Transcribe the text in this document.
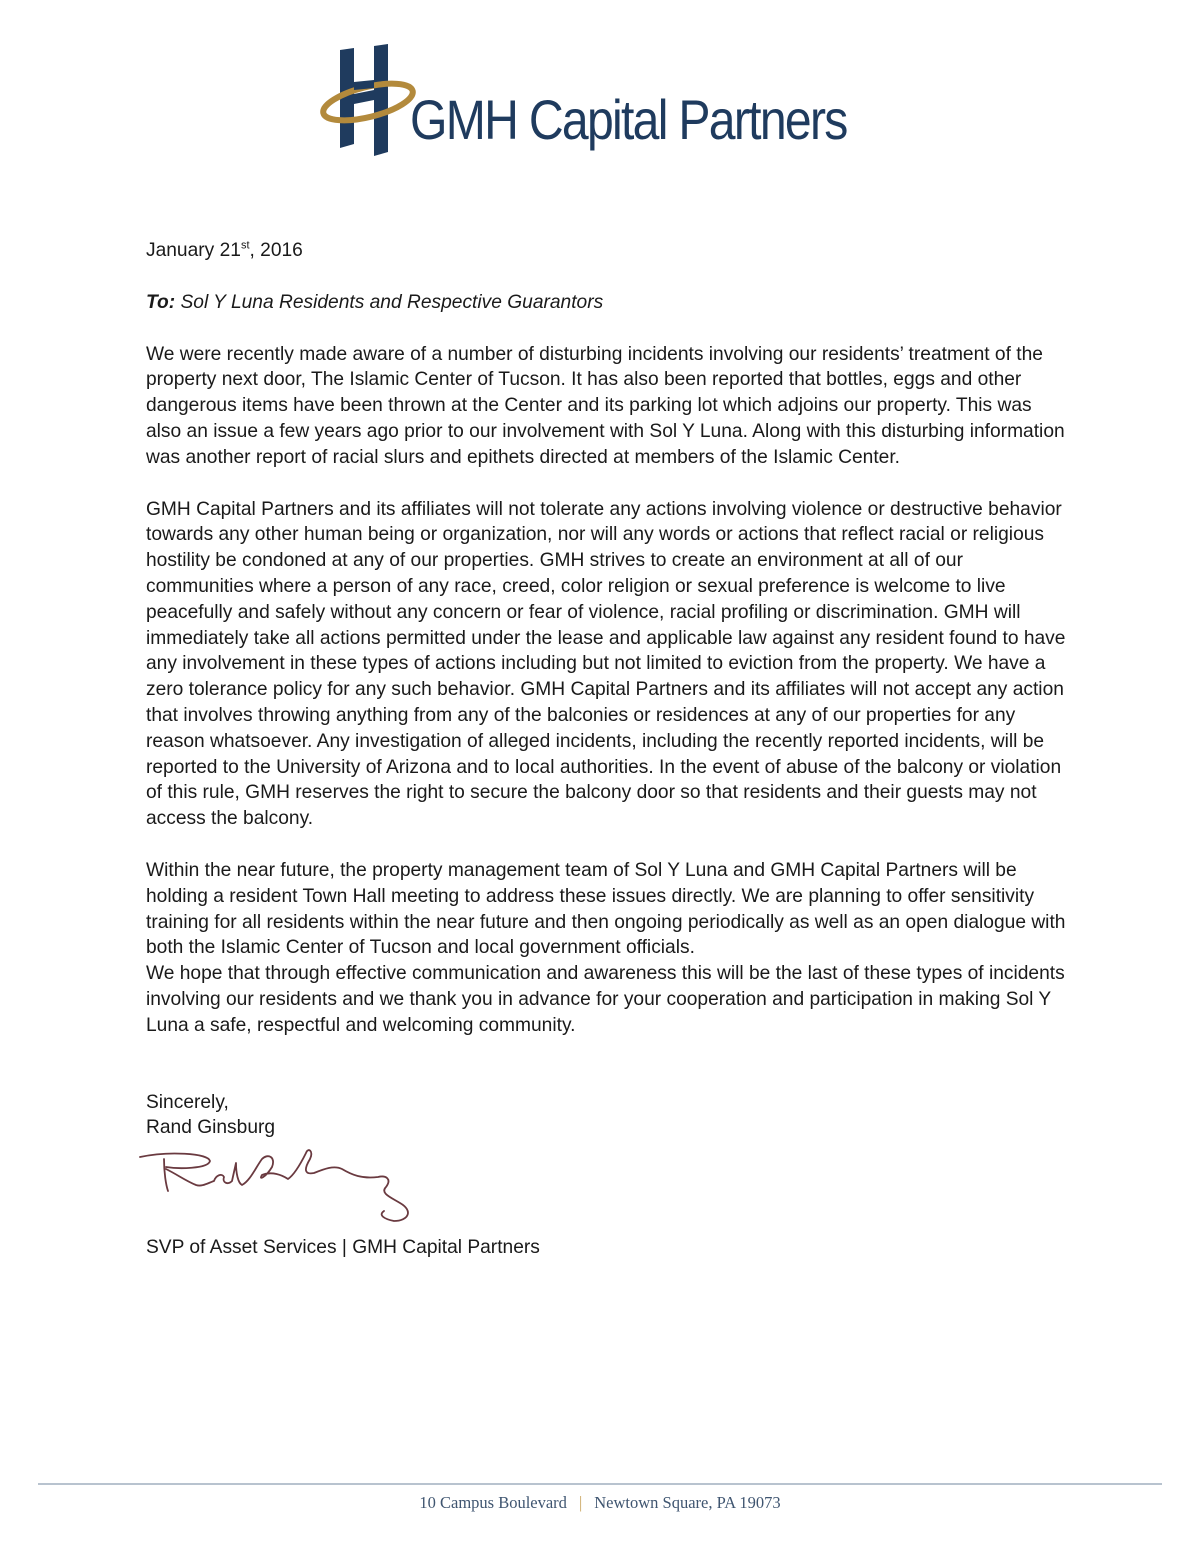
GMH Capital Partners

January 21st, 2016

To: Sol Y Luna Residents and Respective Guarantors

We were recently made aware of a number of disturbing incidents involving our residents’ treatment of the property next door, The Islamic Center of Tucson. It has also been reported that bottles, eggs and other dangerous items have been thrown at the Center and its parking lot which adjoins our property. This was also an issue a few years ago prior to our involvement with Sol Y Luna. Along with this disturbing information was another report of racial slurs and epithets directed at members of the Islamic Center.

GMH Capital Partners and its affiliates will not tolerate any actions involving violence or destructive behavior towards any other human being or organization, nor will any words or actions that reflect racial or religious hostility be condoned at any of our properties. GMH strives to create an environment at all of our communities where a person of any race, creed, color religion or sexual preference is welcome to live peacefully and safely without any concern or fear of violence, racial profiling or discrimination. GMH will immediately take all actions permitted under the lease and applicable law against any resident found to have any involvement in these types of actions including but not limited to eviction from the property. We have a zero tolerance policy for any such behavior. GMH Capital Partners and its affiliates will not accept any action that involves throwing anything from any of the balconies or residences at any of our properties for any reason whatsoever. Any investigation of alleged incidents, including the recently reported incidents, will be reported to the University of Arizona and to local authorities. In the event of abuse of the balcony or violation of this rule, GMH reserves the right to secure the balcony door so that residents and their guests may not access the balcony.

Within the near future, the property management team of Sol Y Luna and GMH Capital Partners will be holding a resident Town Hall meeting to address these issues directly. We are planning to offer sensitivity training for all residents within the near future and then ongoing periodically as well as an open dialogue with both the Islamic Center of Tucson and local government officials.

We hope that through effective communication and awareness this will be the last of these types of incidents involving our residents and we thank you in advance for your cooperation and participation in making Sol Y Luna a safe, respectful and welcoming community.

Sincerely,
Rand Ginsburg

SVP of Asset Services | GMH Capital Partners

10 Campus Boulevard | Newtown Square, PA 19073
